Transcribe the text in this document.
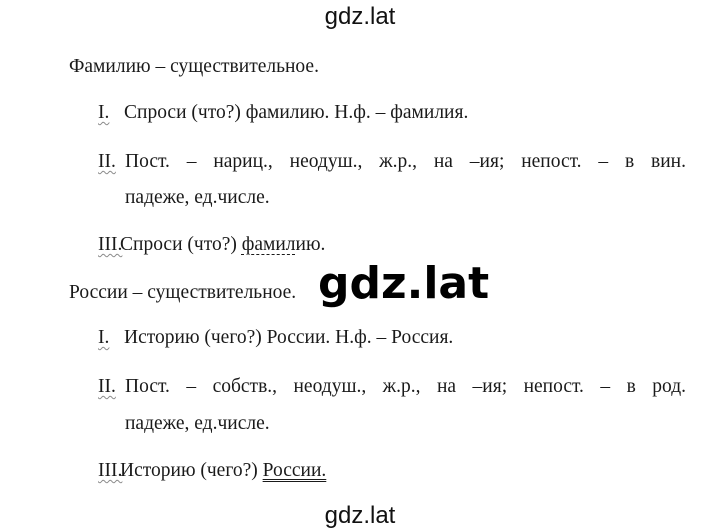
gdz.lat
Фамилию – существительное.
I. Спроси (что?) фамилию. Н.ф. – фамилия.
II. Пост. – нариц., неодуш., ж.р., на –ия; непост. – в вин.
падеже, ед.числе.
III.Спроси (что?) фамилию.
России – существительное. gdz.lat
I. Историю (чего?) России. Н.ф. – Россия.
II. Пост. – собств., неодуш., ж.р., на –ия; непост. – в род.
падеже, ед.числе.
III.Историю (чего?) России.
gdz.lat
